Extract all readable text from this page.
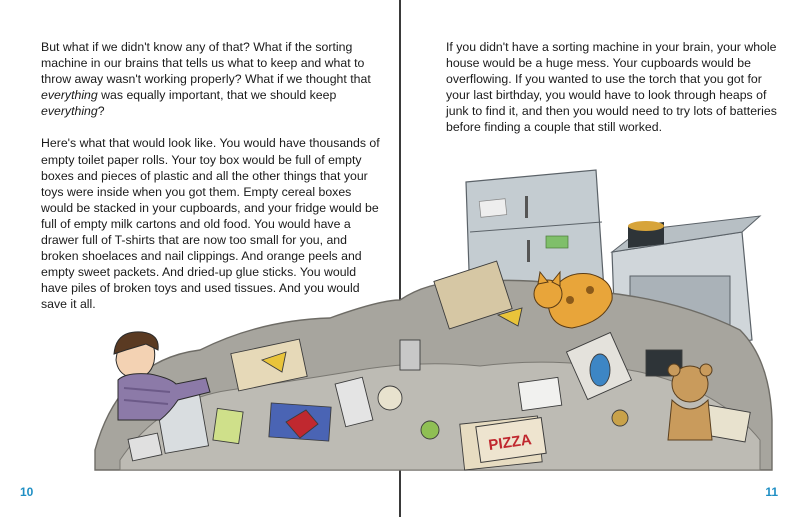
But what if we didn't know any of that? What if the sorting machine in our brains that tells us what to keep and what to throw away wasn't working properly? What if we thought that everything was equally important, that we should keep everything?

Here's what that would look like. You would have thousands of empty toilet paper rolls. Your toy box would be full of empty boxes and pieces of plastic and all the other things that your toys were inside when you got them. Empty cereal boxes would be stacked in your cupboards, and your fridge would be full of empty milk cartons and old food. You would have a drawer full of T-shirts that are now too small for you, and broken shoelaces and nail clippings. And orange peels and empty sweet packets. And dried-up glue sticks. You would have piles of broken toys and used tissues. And you would save it all.

10

If you didn't have a sorting machine in your brain, your whole house would be a huge mess. Your cupboards would be overflowing. If you wanted to use the torch that you got for your last birthday, you would have to look through heaps of junk to find it, and then you would need to try lots of batteries before finding a couple that still worked.

11
PIZZA
